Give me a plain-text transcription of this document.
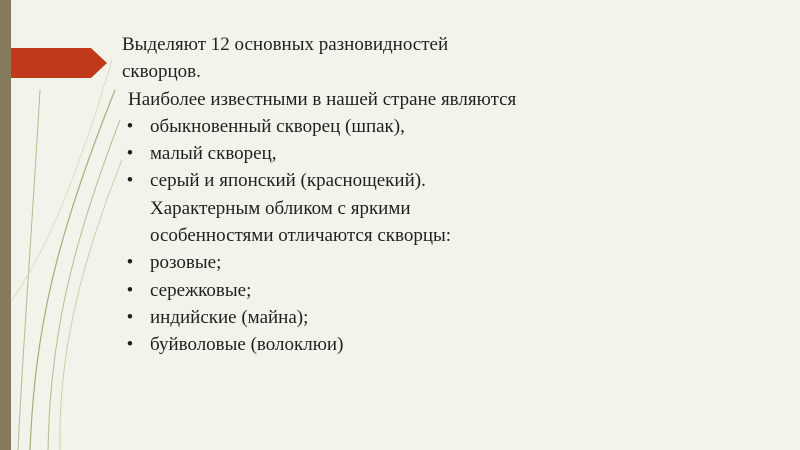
Выделяют 12 основных разновидностей

скворцов.

Наиболее известными в нашей стране являются

• обыкновенный скворец (шпак),
• малый скворец,
• серый и японский (краснощекий).

Характерным обликом с яркими

особенностями отличаются скворцы:

• розовые;
• сережковые;
• индийские (майна);
• буйволовые (волоклюи)
